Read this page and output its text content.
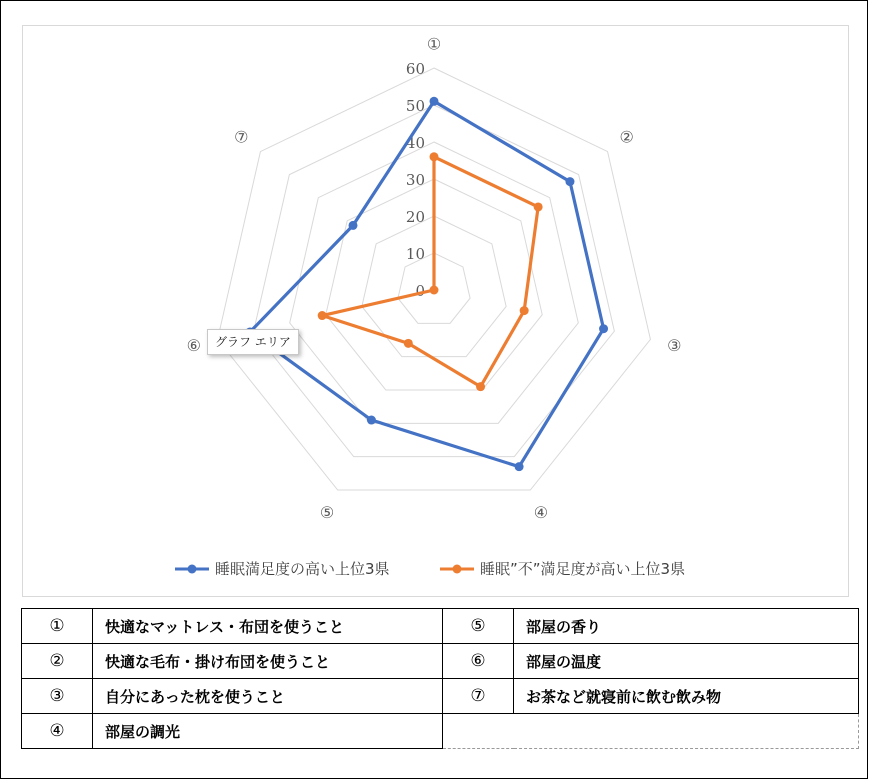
①
②
③
④
⑤
⑥
⑦
0
10
20
30
40
50
60
睡眠満足度の高い上位3県	睡眠”不”満足度が高い上位3県
グラフ エリア
①	快適なマットレス・布団を使うこと	⑤	部屋の香り
②	快適な毛布・掛け布団を使うこと	⑥	部屋の温度
③	自分にあった枕を使うこと	⑦	お茶など就寝前に飲む飲み物
④	部屋の調光		
